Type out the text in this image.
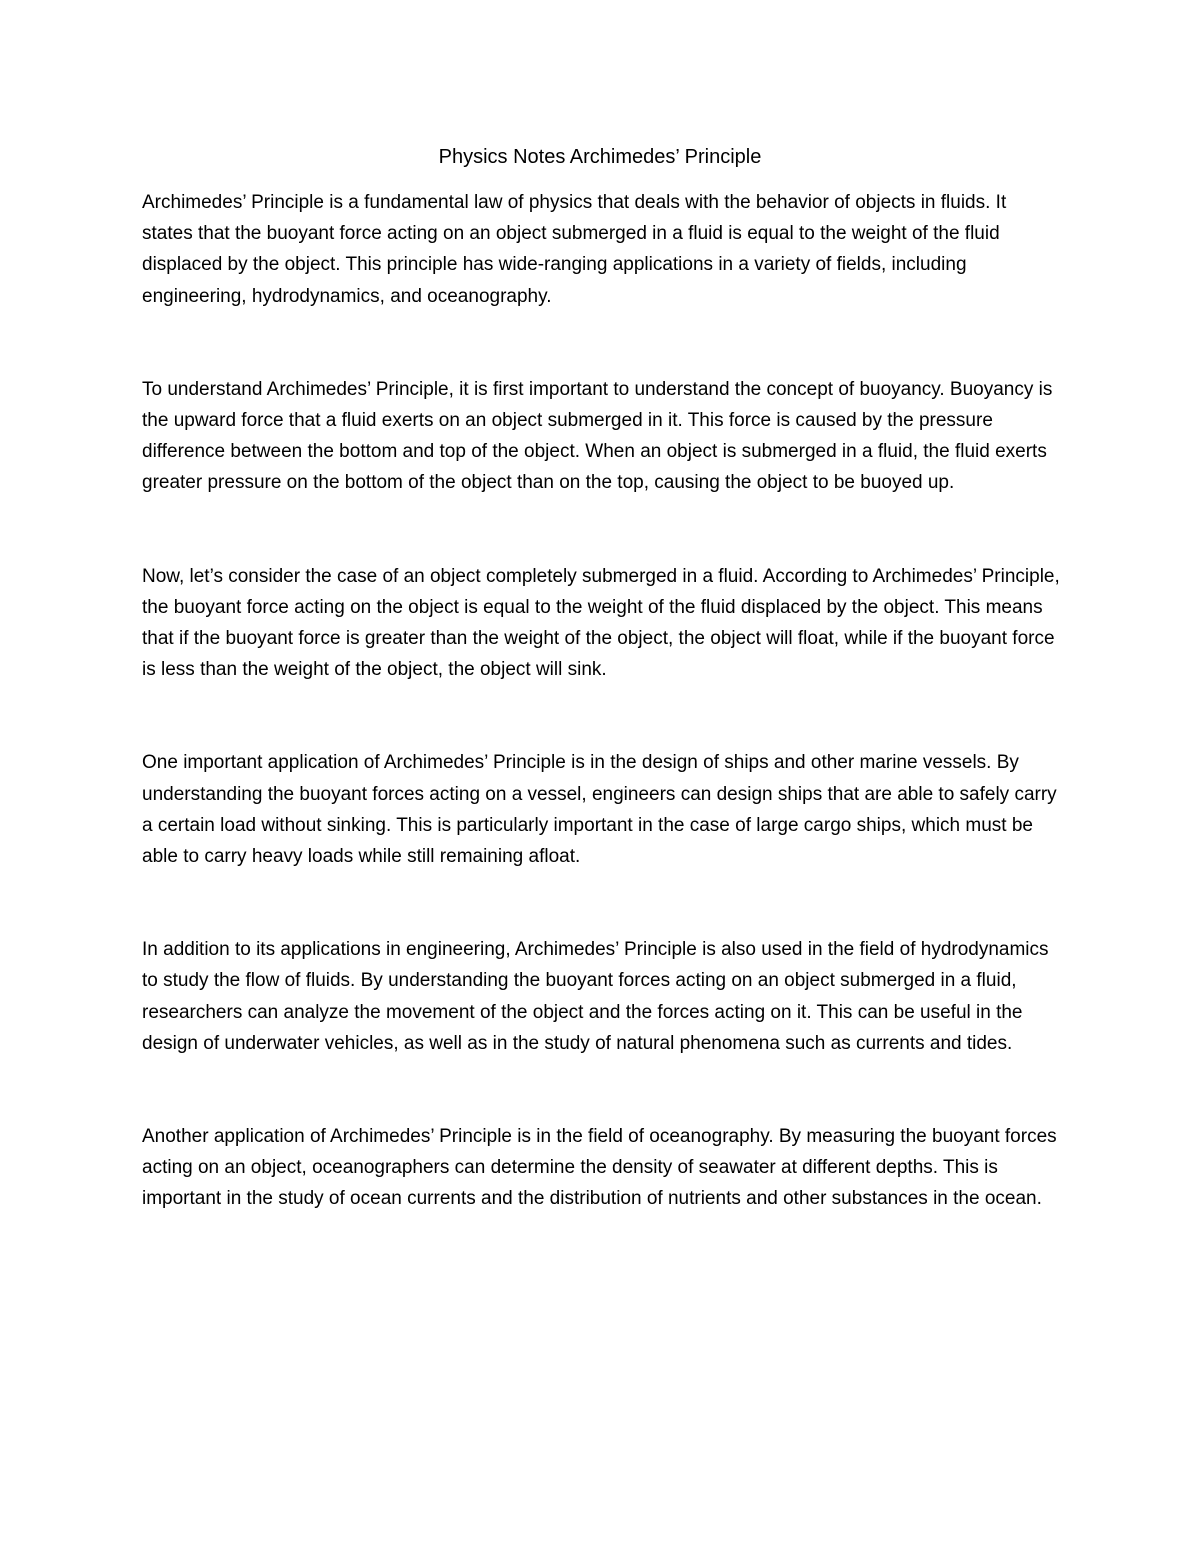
Physics Notes Archimedes’ Principle

Archimedes’ Principle is a fundamental law of physics that deals with the behavior of objects in fluids. It states that the buoyant force acting on an object submerged in a fluid is equal to the weight of the fluid displaced by the object. This principle has wide-ranging applications in a variety of fields, including engineering, hydrodynamics, and oceanography.

To understand Archimedes’ Principle, it is first important to understand the concept of buoyancy. Buoyancy is the upward force that a fluid exerts on an object submerged in it. This force is caused by the pressure difference between the bottom and top of the object. When an object is submerged in a fluid, the fluid exerts greater pressure on the bottom of the object than on the top, causing the object to be buoyed up.

Now, let’s consider the case of an object completely submerged in a fluid. According to Archimedes’ Principle, the buoyant force acting on the object is equal to the weight of the fluid displaced by the object. This means that if the buoyant force is greater than the weight of the object, the object will float, while if the buoyant force is less than the weight of the object, the object will sink.

One important application of Archimedes’ Principle is in the design of ships and other marine vessels. By understanding the buoyant forces acting on a vessel, engineers can design ships that are able to safely carry a certain load without sinking. This is particularly important in the case of large cargo ships, which must be able to carry heavy loads while still remaining afloat.

In addition to its applications in engineering, Archimedes’ Principle is also used in the field of hydrodynamics to study the flow of fluids. By understanding the buoyant forces acting on an object submerged in a fluid, researchers can analyze the movement of the object and the forces acting on it. This can be useful in the design of underwater vehicles, as well as in the study of natural phenomena such as currents and tides.

Another application of Archimedes’ Principle is in the field of oceanography. By measuring the buoyant forces acting on an object, oceanographers can determine the density of seawater at different depths. This is important in the study of ocean currents and the distribution of nutrients and other substances in the ocean.
